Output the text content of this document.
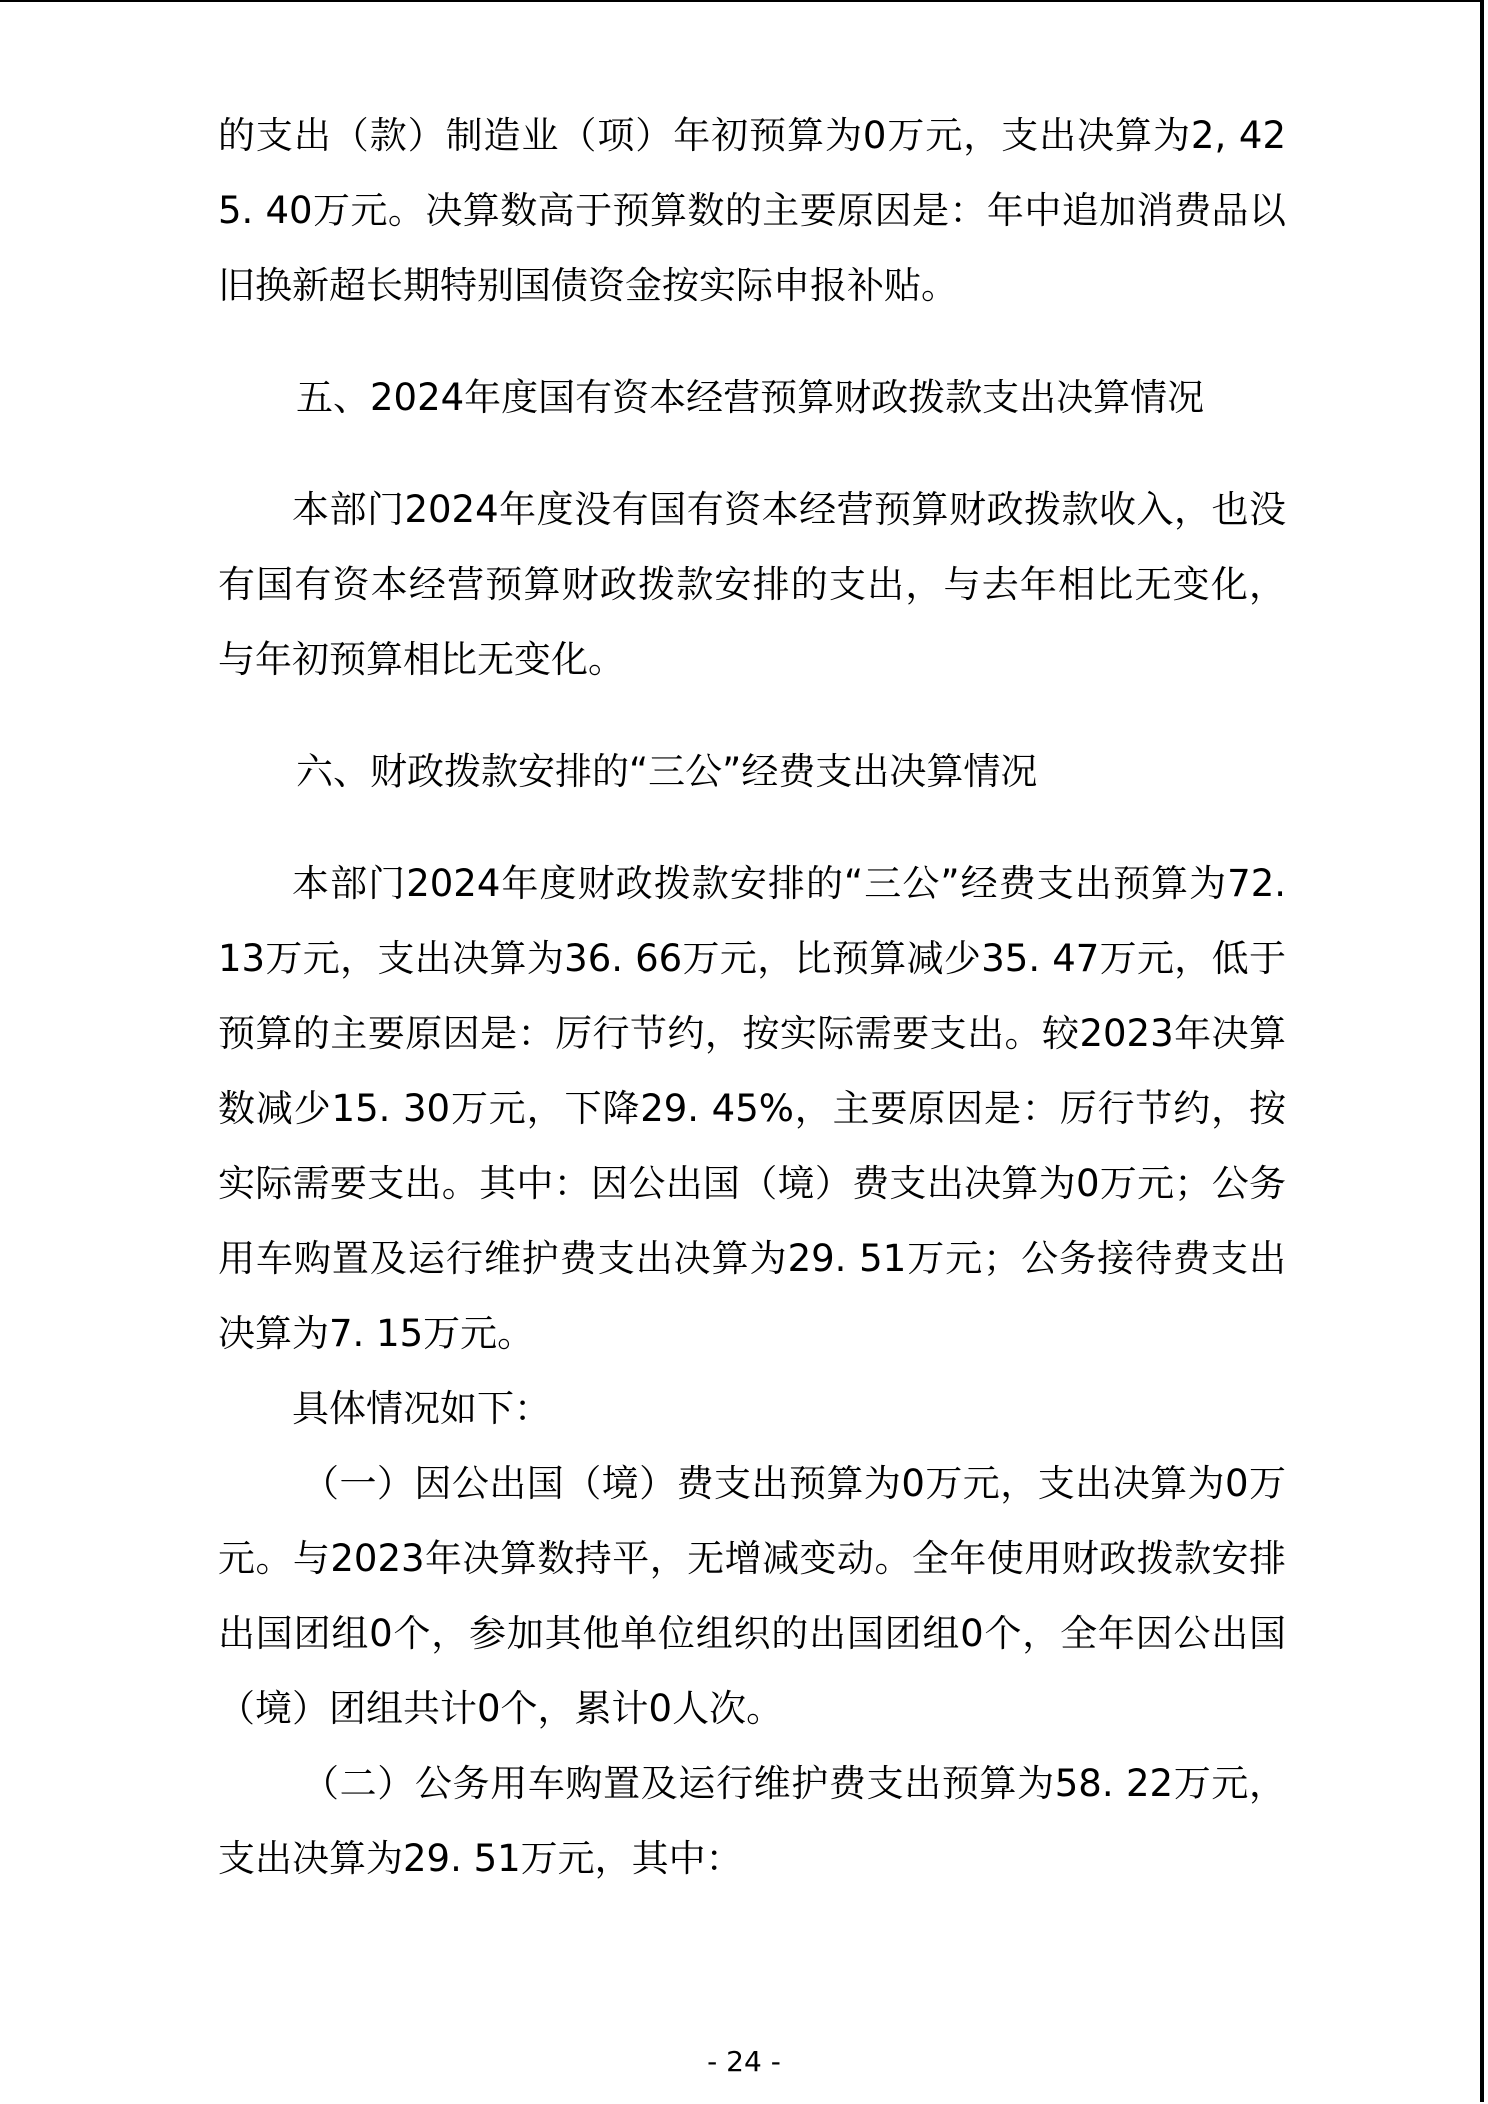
的支出（款）制造业（项）年初预算为0万元，支出决算为2, 425. 40万元。决算数高于预算数的主要原因是：年中追加消费品以旧换新超长期特别国债资金按实际申报补贴。

五、2024年度国有资本经营预算财政拨款支出决算情况

本部门2024年度没有国有资本经营预算财政拨款收入，也没有国有资本经营预算财政拨款安排的支出，与去年相比无变化，与年初预算相比无变化。

六、财政拨款安排的“三公”经费支出决算情况

本部门2024年度财政拨款安排的“三公”经费支出预算为72. 13万元，支出决算为36. 66万元，比预算减少35. 47万元，低于预算的主要原因是：厉行节约，按实际需要支出。较2023年决算数减少15. 30万元，下降29. 45%，主要原因是：厉行节约，按实际需要支出。其中：因公出国（境）费支出决算为0万元；公务用车购置及运行维护费支出决算为29. 51万元；公务接待费支出决算为7. 15万元。

具体情况如下：

（一）因公出国（境）费支出预算为0万元，支出决算为0万元。与2023年决算数持平，无增减变动。全年使用财政拨款安排出国团组0个，参加其他单位组织的出国团组0个，全年因公出国（境）团组共计0个，累计0人次。

（二）公务用车购置及运行维护费支出预算为58. 22万元，支出决算为29. 51万元，其中：

- 24 -
